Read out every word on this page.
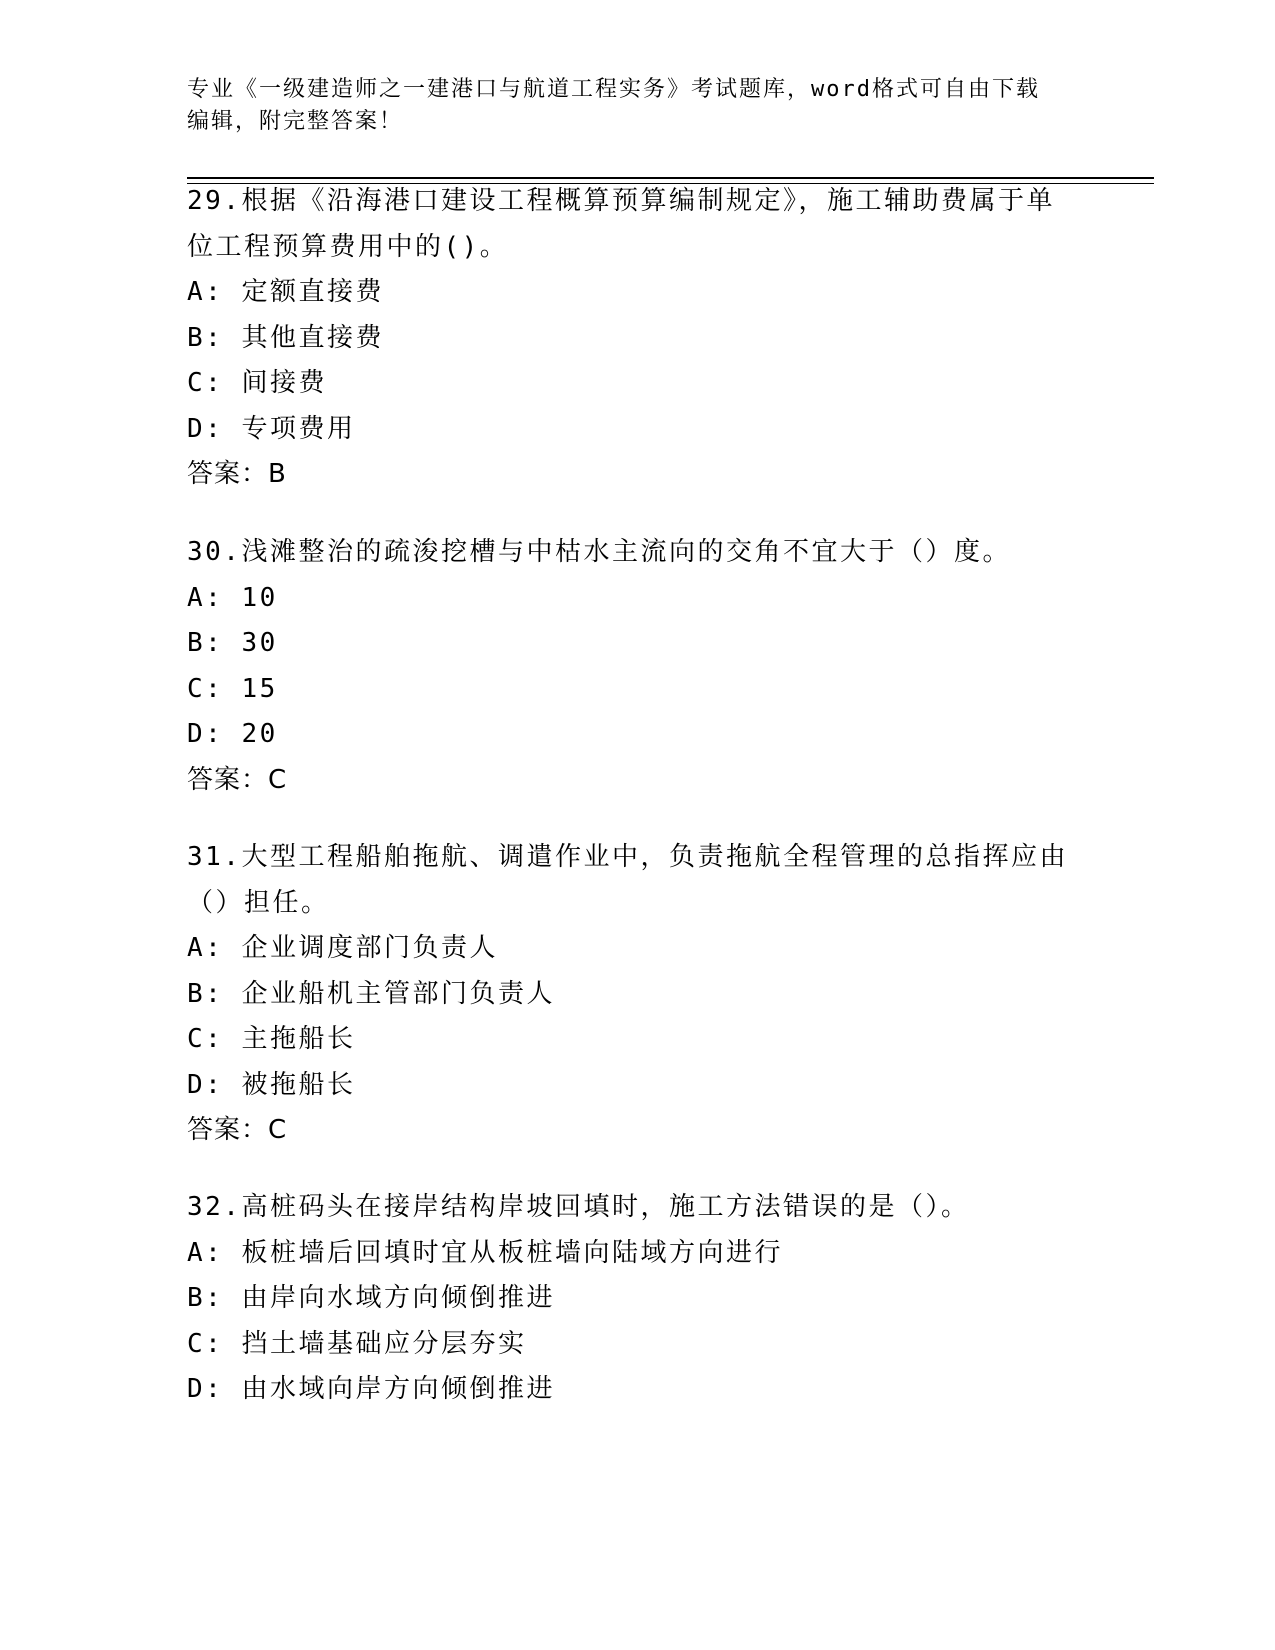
专业《一级建造师之一建港口与航道工程实务》考试题库，word格式可自由下载
编辑，附完整答案！
29.根据《沿海港口建设工程概算预算编制规定》，施工辅助费属于单
位工程预算费用中的()。
A: 定额直接费
B: 其他直接费
C: 间接费
D: 专项费用
答案：B
30.浅滩整治的疏浚挖槽与中枯水主流向的交角不宜大于（）度。
A: 10
B: 30
C: 15
D: 20
答案：C
31.大型工程船舶拖航、调遣作业中，负责拖航全程管理的总指挥应由
（）担任。
A: 企业调度部门负责人
B: 企业船机主管部门负责人
C: 主拖船长
D: 被拖船长
答案：C
32.高桩码头在接岸结构岸坡回填时，施工方法错误的是（）。
A: 板桩墙后回填时宜从板桩墙向陆域方向进行
B: 由岸向水域方向倾倒推进
C: 挡土墙基础应分层夯实
D: 由水域向岸方向倾倒推进
